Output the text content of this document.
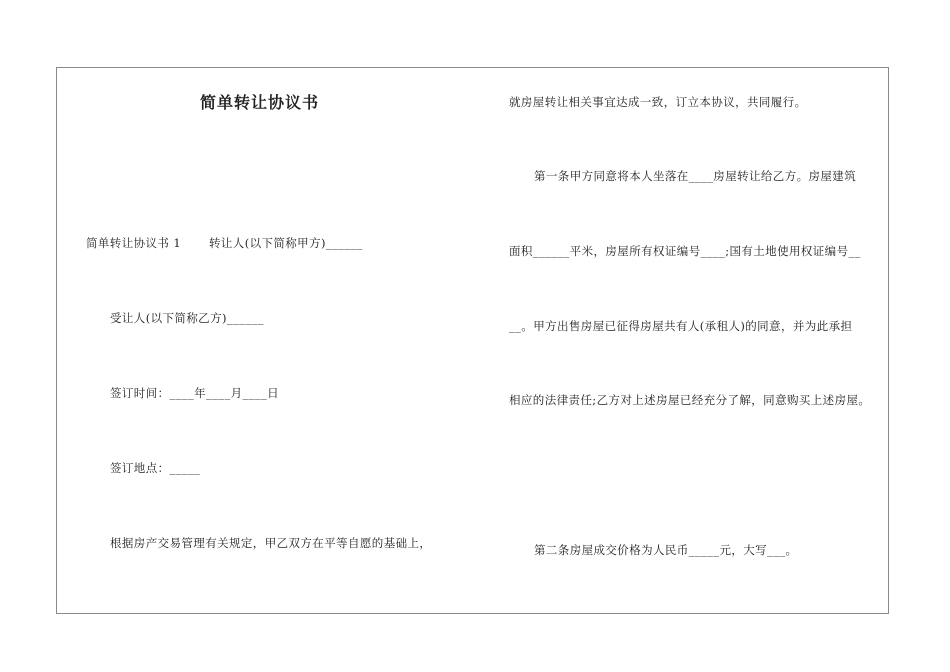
简单转让协议书
简单转让协议书 1 转让人(以下简称甲方)______
受让人(以下简称乙方)______
签订时间：____年____月____日
签订地点：_____
根据房产交易管理有关规定，甲乙双方在平等自愿的基础上，
就房屋转让相关事宜达成一致，订立本协议，共同履行。
第一条甲方同意将本人坐落在____房屋转让给乙方。房屋建筑
面积______平米，房屋所有权证编号____;国有土地使用权证编号__
__。甲方出售房屋已征得房屋共有人(承租人)的同意，并为此承担
相应的法律责任;乙方对上述房屋已经充分了解，同意购买上述房屋。
第二条房屋成交价格为人民币_____元，大写___。
